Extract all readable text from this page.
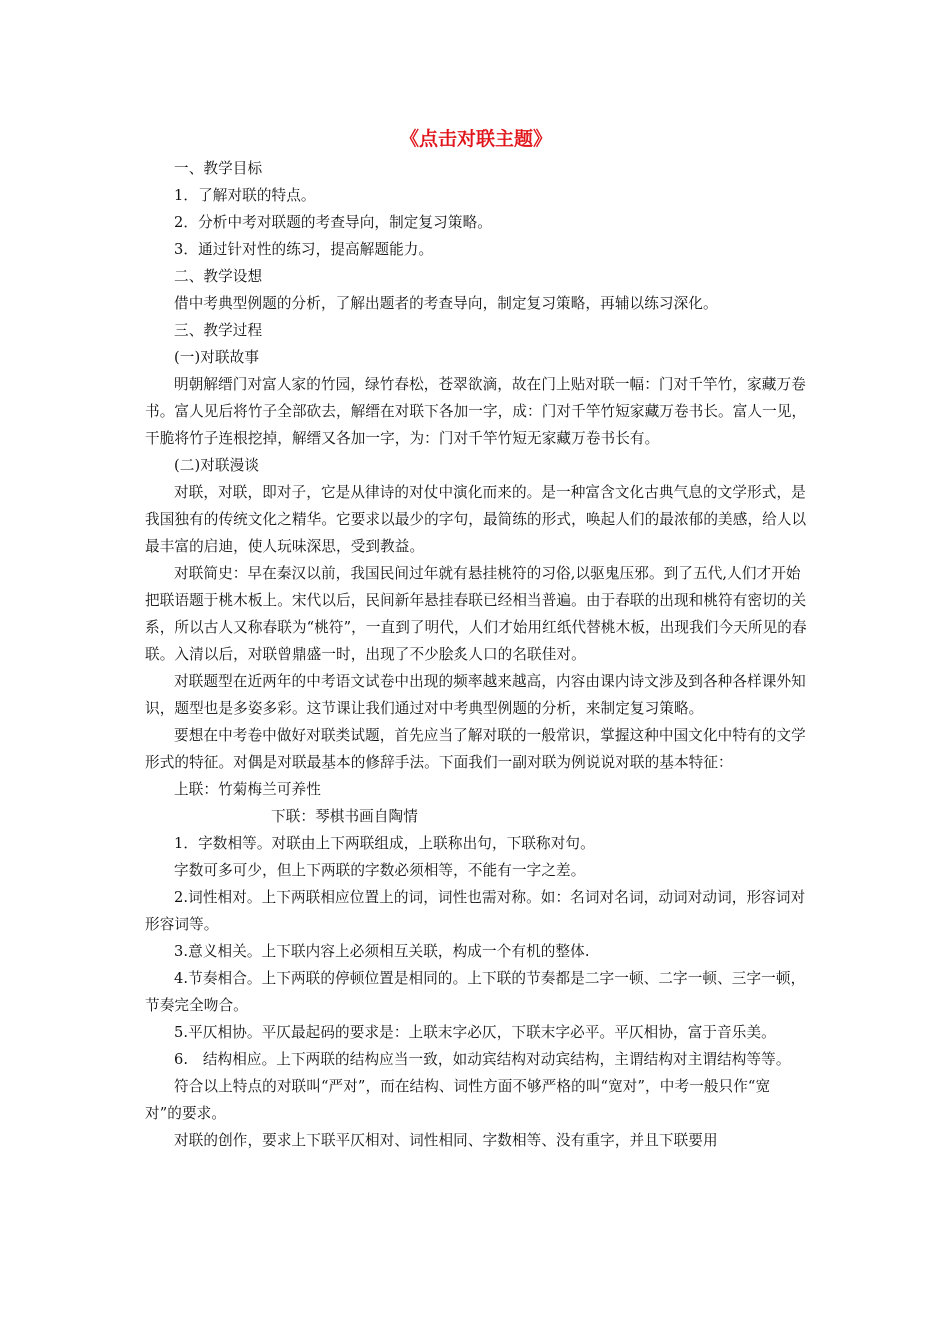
《点击对联主题》

一、教学目标

1．了解对联的特点。

2．分析中考对联题的考查导向，制定复习策略。

3．通过针对性的练习，提高解题能力。

二、教学设想

借中考典型例题的分析，了解出题者的考查导向，制定复习策略，再辅以练习深化。

三、教学过程

(一)对联故事

明朝解缙门对富人家的竹园，绿竹春松，苍翠欲滴，故在门上贴对联一幅：门对千竿竹，家藏万卷书。富人见后将竹子全部砍去，解缙在对联下各加一字，成：门对千竿竹短家藏万卷书长。富人一见，干脆将竹子连根挖掉，解缙又各加一字，为：门对千竿竹短无家藏万卷书长有。

(二)对联漫谈

对联，对联，即对子，它是从律诗的对仗中演化而来的。是一种富含文化古典气息的文学形式，是我国独有的传统文化之精华。它要求以最少的字句，最简练的形式，唤起人们的最浓郁的美感，给人以最丰富的启迪，使人玩味深思，受到教益。

对联简史：早在秦汉以前，我国民间过年就有悬挂桃符的习俗,以驱鬼压邪。到了五代,人们才开始把联语题于桃木板上。宋代以后，民间新年悬挂春联已经相当普遍。由于春联的出现和桃符有密切的关系，所以古人又称春联为“桃符”，一直到了明代，人们才始用红纸代替桃木板，出现我们今天所见的春联。入清以后，对联曾鼎盛一时，出现了不少脍炙人口的名联佳对。

对联题型在近两年的中考语文试卷中出现的频率越来越高，内容由课内诗文涉及到各种各样课外知识，题型也是多姿多彩。这节课让我们通过对中考典型例题的分析，来制定复习策略。

要想在中考卷中做好对联类试题，首先应当了解对联的一般常识，掌握这种中国文化中特有的文学形式的特征。对偶是对联最基本的修辞手法。下面我们一副对联为例说说对联的基本特征：

上联：竹菊梅兰可养性

下联：琴棋书画自陶情

1．字数相等。对联由上下两联组成，上联称出句，下联称对句。

字数可多可少，但上下两联的字数必须相等，不能有一字之差。

2.词性相对。上下两联相应位置上的词，词性也需对称。如：名词对名词，动词对动词，形容词对形容词等。

3.意义相关。上下联内容上必须相互关联，构成一个有机的整体.

4.节奏相合。上下两联的停顿位置是相同的。上下联的节奏都是二字一顿、二字一顿、三字一顿，节奏完全吻合。

5.平仄相协。平仄最起码的要求是：上联末字必仄，下联末字必平。平仄相协，富于音乐美。

6.　结构相应。上下两联的结构应当一致，如动宾结构对动宾结构，主谓结构对主谓结构等等。

符合以上特点的对联叫“严对”，而在结构、词性方面不够严格的叫“宽对”，中考一般只作“宽对”的要求。

对联的创作，要求上下联平仄相对、词性相同、字数相等、没有重字，并且下联要用
